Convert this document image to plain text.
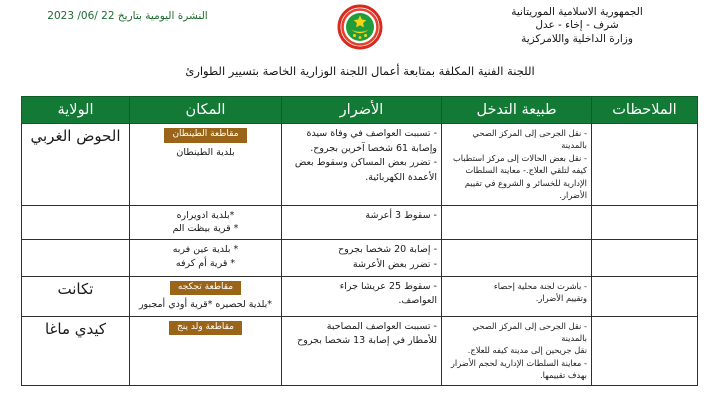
النشرة اليومية بتاريخ 22 /06/ 2023	الجمهورية الاسلامية الموريتانية
شرف - إخاء - عدل
وزارة الداخلية واللامركزية
اللجنة الفنية المكلفة بمتابعة أعمال اللجنة الوزارية الخاصة بتسيير الطوارئ
الملاحظات	طبيعة التدخل	الأضرار	المكان	الولاية

	- نقل الجرحى إلى المركز الصحي بالمدينة
- نقل بعض الحالات إلى مركز استطباب
كيفه لتلقي العلاج.- معاينة السلطات
الإدارية للخسائر و الشروع في تقييم الأضرار.	- تسببت العواصف في وفاة سيدة
وإصابة 61 شخصا آخرين بجروح.
- تضرر بعض المساكن وسقوط بعض
الأعمدة الكهربائية.	مقاطعة الطينطان
بلدية الطينطان	الحوض الغربي

		- سقوط 3 أعرشة	*بلدية ادويراره
* قرية بيظت الم	

		- إصابة 20 شخصا بجروح
- تضرر بعض الأعرشة	* بلدية عين فربه
* قرية أم كرفه	

	- باشرت لجنة محلية إحصاء
وتقييم الأضرار.	- سقوط 25 عريشا جراء
العواصف.	مقاطعة تجكجه
*بلدية لحصيره *قرية أودي أمجبور	تكانت

	- نقل الجرحى إلى المركز الصحي بالمدينة
نقل جريحين إلى مدينة كيفه للعلاج.
- معاينة السلطات الإدارية لحجم الأضرار
بهدف تقييمها.	- تسببت العواصف المصاحبة
للأمطار في إصابة 13 شخصا بجروح	مقاطعة ولد ينج	كيدي ماغا
